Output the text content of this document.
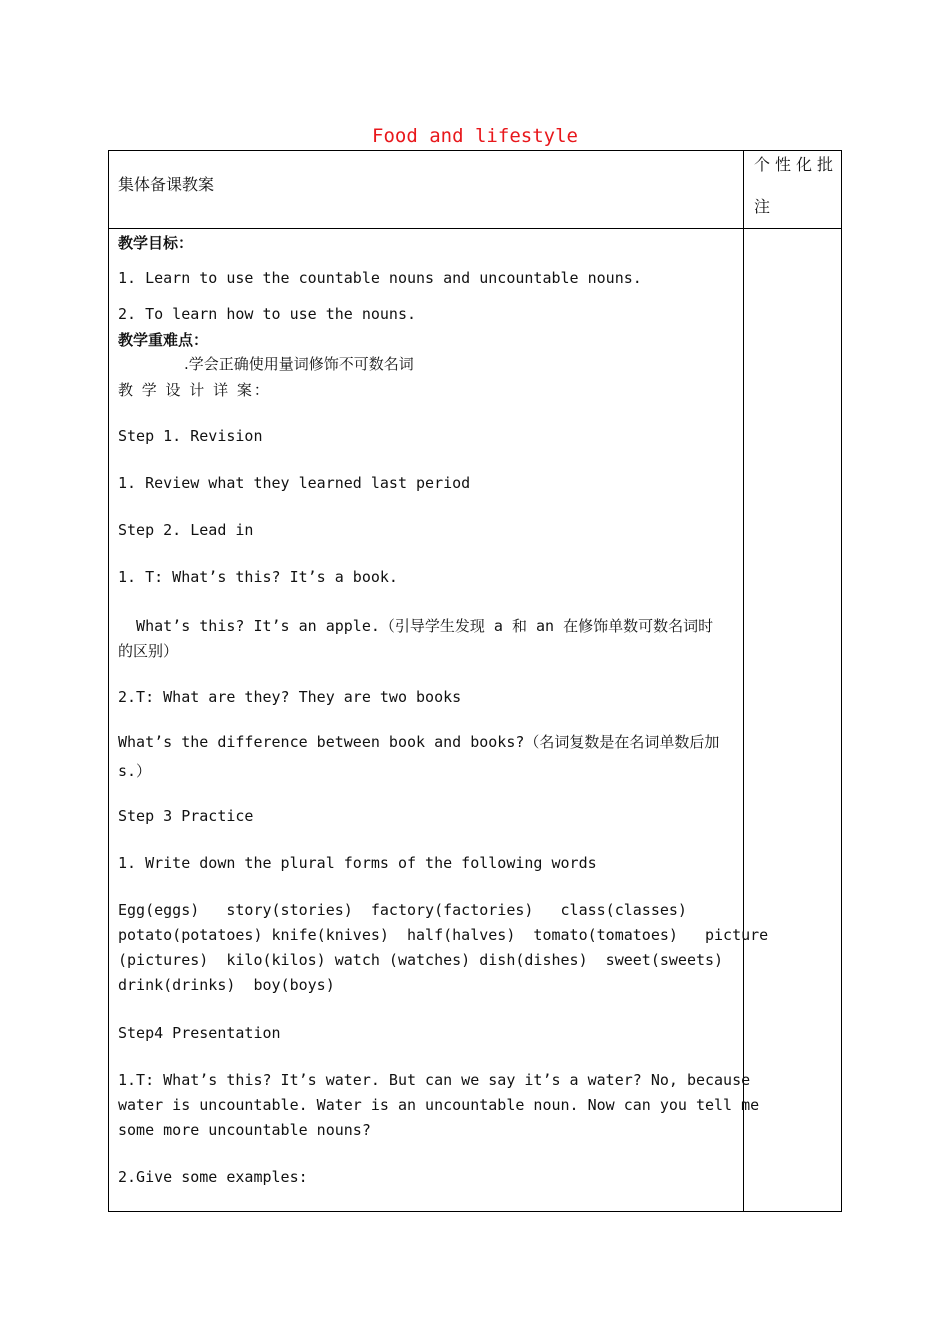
Food and lifestyle
集体备课教案
个性化批
注
教学目标：
1. Learn to use the countable nouns and uncountable nouns.
2. To learn how to use the nouns.
教学重难点：
.学会正确使用量词修饰不可数名词
教 学 设 计 详 案：
Step 1. Revision
1. Review what they learned last period
Step 2. Lead in
1. T: What’s this? It’s a book.
What’s this? It’s an apple.（引导学生发现 a 和 an 在修饰单数可数名词时
的区别）
2.T: What are they? They are two books
What’s the difference between book and books?（名词复数是在名词单数后加
s.）
Step 3 Practice
1. Write down the plural forms of the following words
Egg(eggs)   story(stories)  factory(factories)   class(classes)
potato(potatoes) knife(knives)  half(halves)  tomato(tomatoes)   picture
(pictures)  kilo(kilos) watch (watches) dish(dishes)  sweet(sweets)
drink(drinks)  boy(boys)
Step4 Presentation
1.T: What’s this? It’s water. But can we say it’s a water? No, because
water is uncountable. Water is an uncountable noun. Now can you tell me
some more uncountable nouns?
2.Give some examples:
